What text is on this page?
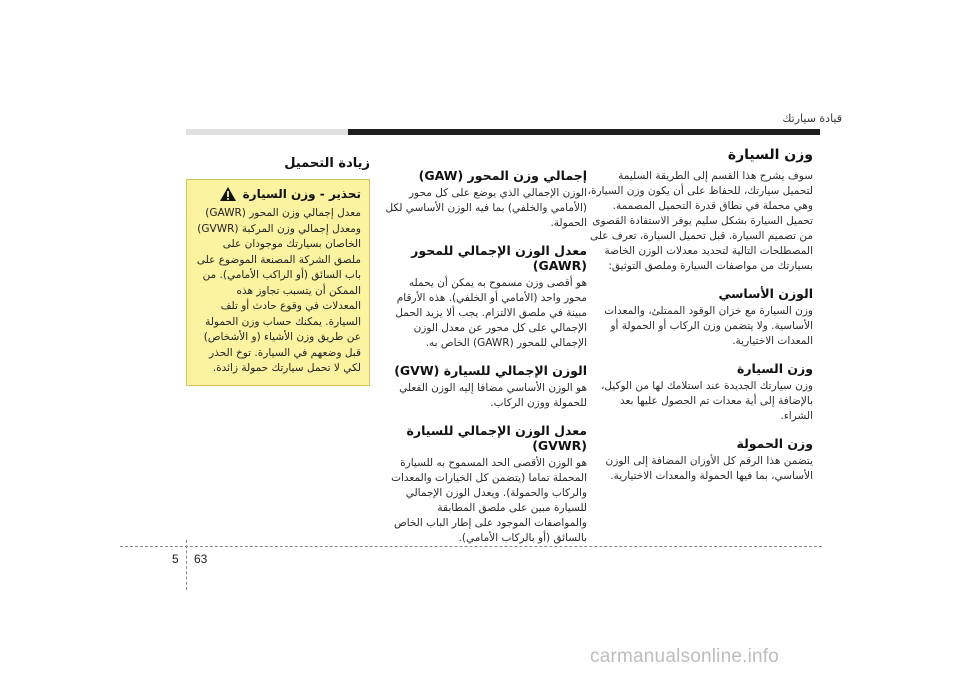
قيادة سيارتك
وزن السيارة

سوف يشرح هذا القسم إلى الطريقة السليمة لتحميل سيارتك، للحفاظ على أن يكون وزن السيارة، وهي محملة في نطاق قدرة التحميل المصممة. تحميل السيارة بشكل سليم يوفر الاستفادة القصوى من تصميم السيارة. قبل تحميل السيارة، تعرف على المصطلحات التالية لتحديد معدلات الوزن الخاصة بسيارتك من مواصفات السيارة وملصق التوثيق:

الوزن الأساسي

وزن السيارة مع خزان الوقود الممتلئ، والمعدات الأساسية. ولا يتضمن وزن الركاب أو الحمولة أو المعدات الاختيارية.

وزن السيارة

وزن سيارتك الجديدة عند استلامك لها من الوكيل، بالإضافة إلى أية معدات تم الحصول عليها بعد الشراء.

وزن الحمولة

يتضمن هذا الرقم كل الأوزان المضافة إلى الوزن الأساسي، بما فيها الحمولة والمعدات الاختيارية.

إجمالي وزن المحور (GAW)

الوزن الإجمالي الذي يوضع على كل محور (الأمامي والخلفي) بما فيه الوزن الأساسي لكل الحمولة.

معدل الوزن الإجمالي للمحور (GAWR)

هو أقصى وزن مسموح به يمكن أن يحمله محور واحد (الأمامي أو الخلفي). هذه الأرقام مبينة في ملصق الالتزام. يجب ألا يزيد الحمل الإجمالي على كل محور عن معدل الوزن الإجمالي للمحور (GAWR) الخاص به.

الوزن الإجمالي للسيارة (GVW)

هو الوزن الأساسي مضافا إليه الوزن الفعلي للحمولة ووزن الركاب.

معدل الوزن الإجمالي للسيارة (GVWR)

هو الوزن الأقصى الحد المسموح به للسيارة المحملة تماما (يتضمن كل الخيارات والمعدات والركاب والحمولة). ويعدل الوزن الإجمالي للسيارة مبين على ملصق المطابقة والمواصفات الموجود على إطار الباب الخاص بالسائق (أو بالركاب الأمامي).

زيادة التحميل
تحذير - وزن السيارة
معدل إجمالي وزن المحور (GAWR) ومعدل إجمالي وزن المركبة (GVWR) الخاصان بسيارتك موجودان على ملصق الشركة المصنعة الموضوع على باب السائق (أو الراكب الأمامي). من الممكن أن يتسبب تجاوز هذه المعدلات في وقوع حادث أو تلف السيارة. يمكنك حساب وزن الحمولة عن طريق وزن الأشياء (و الأشخاص) قبل وضعهم في السيارة. توخ الحذر لكي لا تحمل سيارتك حمولة زائدة.
5 63
carmanualsonline.info
